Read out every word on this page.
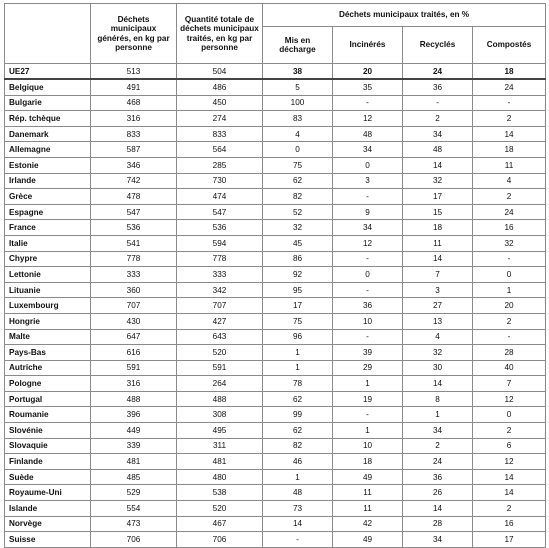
	Déchets municipaux générés, en kg par personne	Quantité totale de déchets municipaux traités, en kg par personne	Déchets municipaux traités, en %			
			Mis en décharge	Incinérés	Recyclés	Compostés
UE27	513	504	38	20	24	18
Belgique	491	486	5	35	36	24
Bulgarie	468	450	100	-	-	-
Rép. tchèque	316	274	83	12	2	2
Danemark	833	833	4	48	34	14
Allemagne	587	564	0	34	48	18
Estonie	346	285	75	0	14	11
Irlande	742	730	62	3	32	4
Grèce	478	474	82	-	17	2
Espagne	547	547	52	9	15	24
France	536	536	32	34	18	16
Italie	541	594	45	12	11	32
Chypre	778	778	86	-	14	-
Lettonie	333	333	92	0	7	0
Lituanie	360	342	95	-	3	1
Luxembourg	707	707	17	36	27	20
Hongrie	430	427	75	10	13	2
Malte	647	643	96	-	4	-
Pays-Bas	616	520	1	39	32	28
Autriche	591	591	1	29	30	40
Pologne	316	264	78	1	14	7
Portugal	488	488	62	19	8	12
Roumanie	396	308	99	-	1	0
Slovénie	449	495	62	1	34	2
Slovaquie	339	311	82	10	2	6
Finlande	481	481	46	18	24	12
Suède	485	480	1	49	36	14
Royaume-Uni	529	538	48	11	26	14
Islande	554	520	73	11	14	2
Norvège	473	467	14	42	28	16
Suisse	706	706	-	49	34	17
